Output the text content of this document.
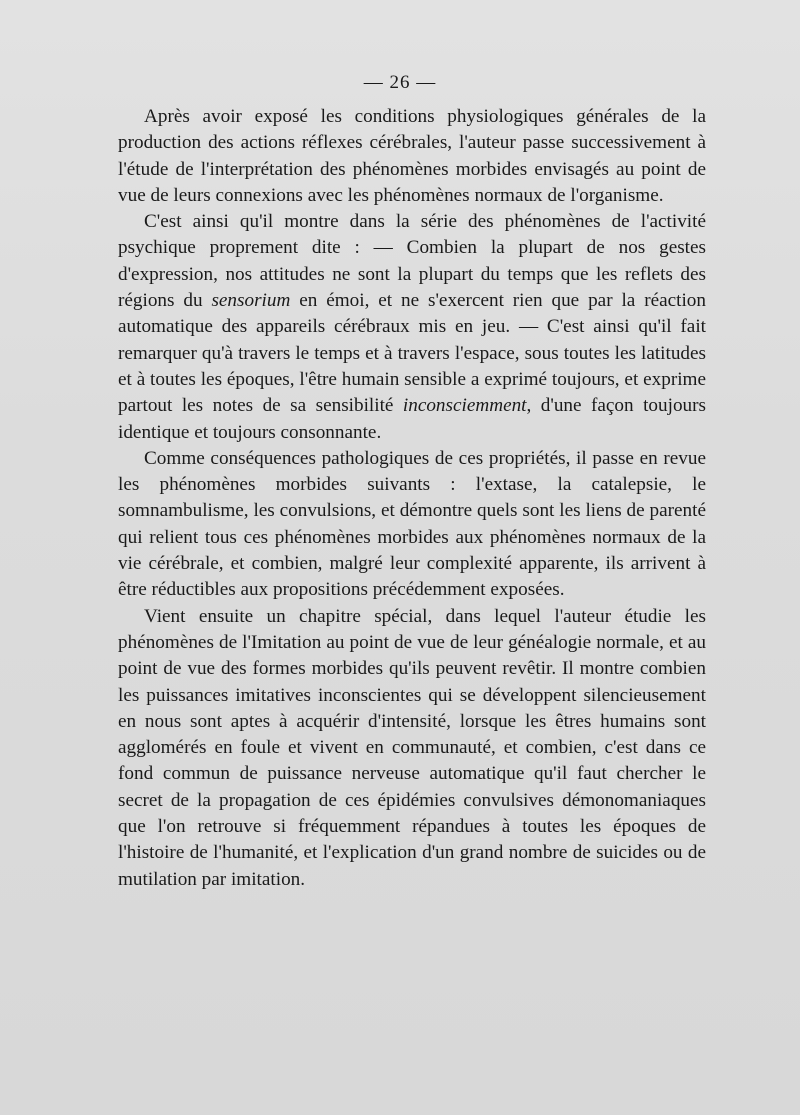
— 26 —

Après avoir exposé les conditions physiologiques générales de la production des actions réflexes cérébrales, l'auteur passe successivement à l'étude de l'interprétation des phénomènes morbides envisagés au point de vue de leurs connexions avec les phénomènes normaux de l'organisme.

C'est ainsi qu'il montre dans la série des phénomènes de l'activité psychique proprement dite : — Combien la plupart de nos gestes d'expression, nos attitudes ne sont la plupart du temps que les reflets des régions du sensorium en émoi, et ne s'exercent rien que par la réaction automatique des appareils cérébraux mis en jeu. — C'est ainsi qu'il fait remarquer qu'à travers le temps et à travers l'espace, sous toutes les latitudes et à toutes les époques, l'être humain sensible a exprimé toujours, et exprime partout les notes de sa sensibilité inconsciemment, d'une façon toujours identique et toujours consonnante.

Comme conséquences pathologiques de ces propriétés, il passe en revue les phénomènes morbides suivants : l'extase, la catalepsie, le somnambulisme, les convulsions, et démontre quels sont les liens de parenté qui relient tous ces phénomènes morbides aux phénomènes normaux de la vie cérébrale, et combien, malgré leur complexité apparente, ils arrivent à être réductibles aux propositions précédemment exposées.

Vient ensuite un chapitre spécial, dans lequel l'auteur étudie les phénomènes de l'Imitation au point de vue de leur généalogie normale, et au point de vue des formes morbides qu'ils peuvent revêtir. Il montre combien les puissances imitatives inconscientes qui se développent silencieusement en nous sont aptes à acquérir d'intensité, lorsque les êtres humains sont agglomérés en foule et vivent en communauté, et combien, c'est dans ce fond commun de puissance nerveuse automatique qu'il faut chercher le secret de la propagation de ces épidémies convulsives démonomaniaques que l'on retrouve si fréquemment répandues à toutes les époques de l'histoire de l'humanité, et l'explication d'un grand nombre de suicides ou de mutilation par imitation.
